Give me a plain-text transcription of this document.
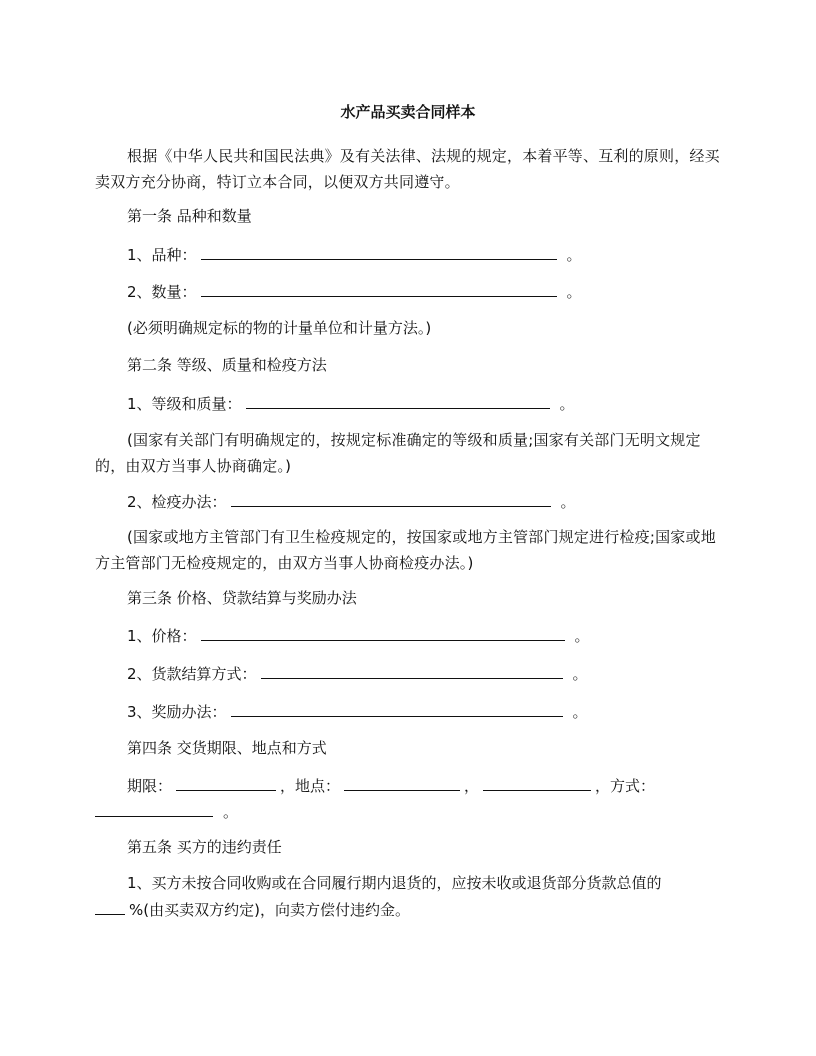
水产品买卖合同样本
根据《中华人民共和国民法典》及有关法律、法规的规定，本着平等、互利的原则，经买卖双方充分协商，特订立本合同，以便双方共同遵守。
第一条 品种和数量
1、品种：	。
2、数量：	。
(必须明确规定标的物的计量单位和计量方法。)
第二条 等级、质量和检疫方法
1、等级和质量：	。
(国家有关部门有明确规定的，按规定标准确定的等级和质量;国家有关部门无明文规定的，由双方当事人协商确定。)
2、检疫办法：	。
(国家或地方主管部门有卫生检疫规定的，按国家或地方主管部门规定进行检疫;国家或地方主管部门无检疫规定的，由双方当事人协商检疫办法。)
第三条 价格、贷款结算与奖励办法
1、价格：	。
2、货款结算方式：	。
3、奖励办法：	。
第四条 交货期限、地点和方式
期限：	，地点：	，	，方式：
。
第五条 买方的违约责任
1、买方未按合同收购或在合同履行期内退货的，应按未收或退货部分货款总值的
%(由买卖双方约定)，向卖方偿付违约金。
